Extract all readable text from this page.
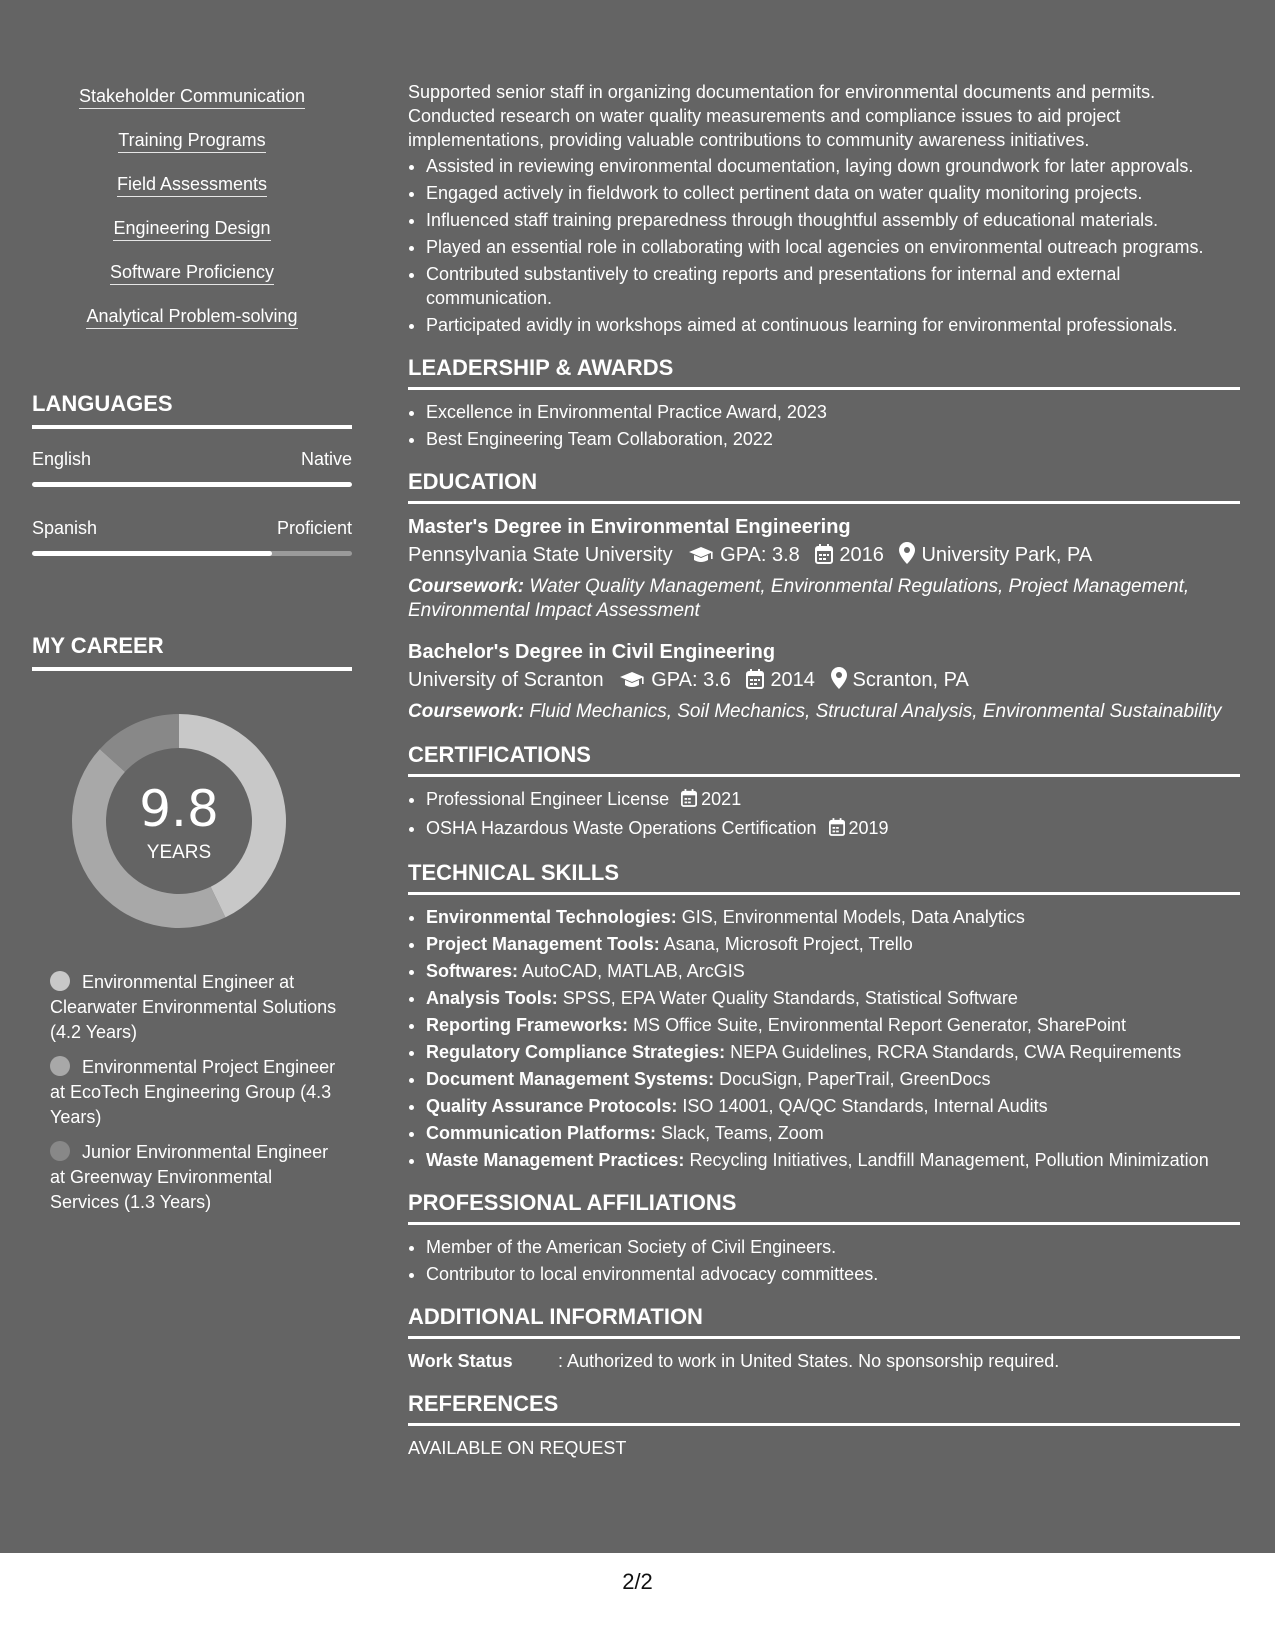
Stakeholder Communication
Training Programs
Field Assessments
Engineering Design
Software Proficiency
Analytical Problem-solving
LANGUAGES
English	Native
Spanish	Proficient
MY CAREER
9.8
YEARS
Environmental Engineer at Clearwater Environmental Solutions (4.2 Years)
Environmental Project Engineer at EcoTech Engineering Group (4.3 Years)
Junior Environmental Engineer at Greenway Environmental Services (1.3 Years)

Supported senior staff in organizing documentation for environmental documents and permits. Conducted research on water quality measurements and compliance issues to aid project implementations, providing valuable contributions to community awareness initiatives.

• Assisted in reviewing environmental documentation, laying down groundwork for later approvals.
• Engaged actively in fieldwork to collect pertinent data on water quality monitoring projects.
• Influenced staff training preparedness through thoughtful assembly of educational materials.
• Played an essential role in collaborating with local agencies on environmental outreach programs.
• Contributed substantively to creating reports and presentations for internal and external communication.
• Participated avidly in workshops aimed at continuous learning for environmental professionals.
LEADERSHIP & AWARDS
• Excellence in Environmental Practice Award, 2023
• Best Engineering Team Collaboration, 2022
EDUCATION
Master's Degree in Environmental Engineering
Pennsylvania State University GPA: 3.8 2016 University Park, PA
Coursework: Water Quality Management, Environmental Regulations, Project Management, Environmental Impact Assessment
Bachelor's Degree in Civil Engineering
University of Scranton GPA: 3.6 2014 Scranton, PA
Coursework: Fluid Mechanics, Soil Mechanics, Structural Analysis, Environmental Sustainability
CERTIFICATIONS
• Professional Engineer License 2021
• OSHA Hazardous Waste Operations Certification 2019
TECHNICAL SKILLS
• Environmental Technologies: GIS, Environmental Models, Data Analytics
• Project Management Tools: Asana, Microsoft Project, Trello
• Softwares: AutoCAD, MATLAB, ArcGIS
• Analysis Tools: SPSS, EPA Water Quality Standards, Statistical Software
• Reporting Frameworks: MS Office Suite, Environmental Report Generator, SharePoint
• Regulatory Compliance Strategies: NEPA Guidelines, RCRA Standards, CWA Requirements
• Document Management Systems: DocuSign, PaperTrail, GreenDocs
• Quality Assurance Protocols: ISO 14001, QA/QC Standards, Internal Audits
• Communication Platforms: Slack, Teams, Zoom
• Waste Management Practices: Recycling Initiatives, Landfill Management, Pollution Minimization
PROFESSIONAL AFFILIATIONS
• Member of the American Society of Civil Engineers.
• Contributor to local environmental advocacy committees.
ADDITIONAL INFORMATION
Work Status	: Authorized to work in United States. No sponsorship required.
REFERENCES
AVAILABLE ON REQUEST
2/2
